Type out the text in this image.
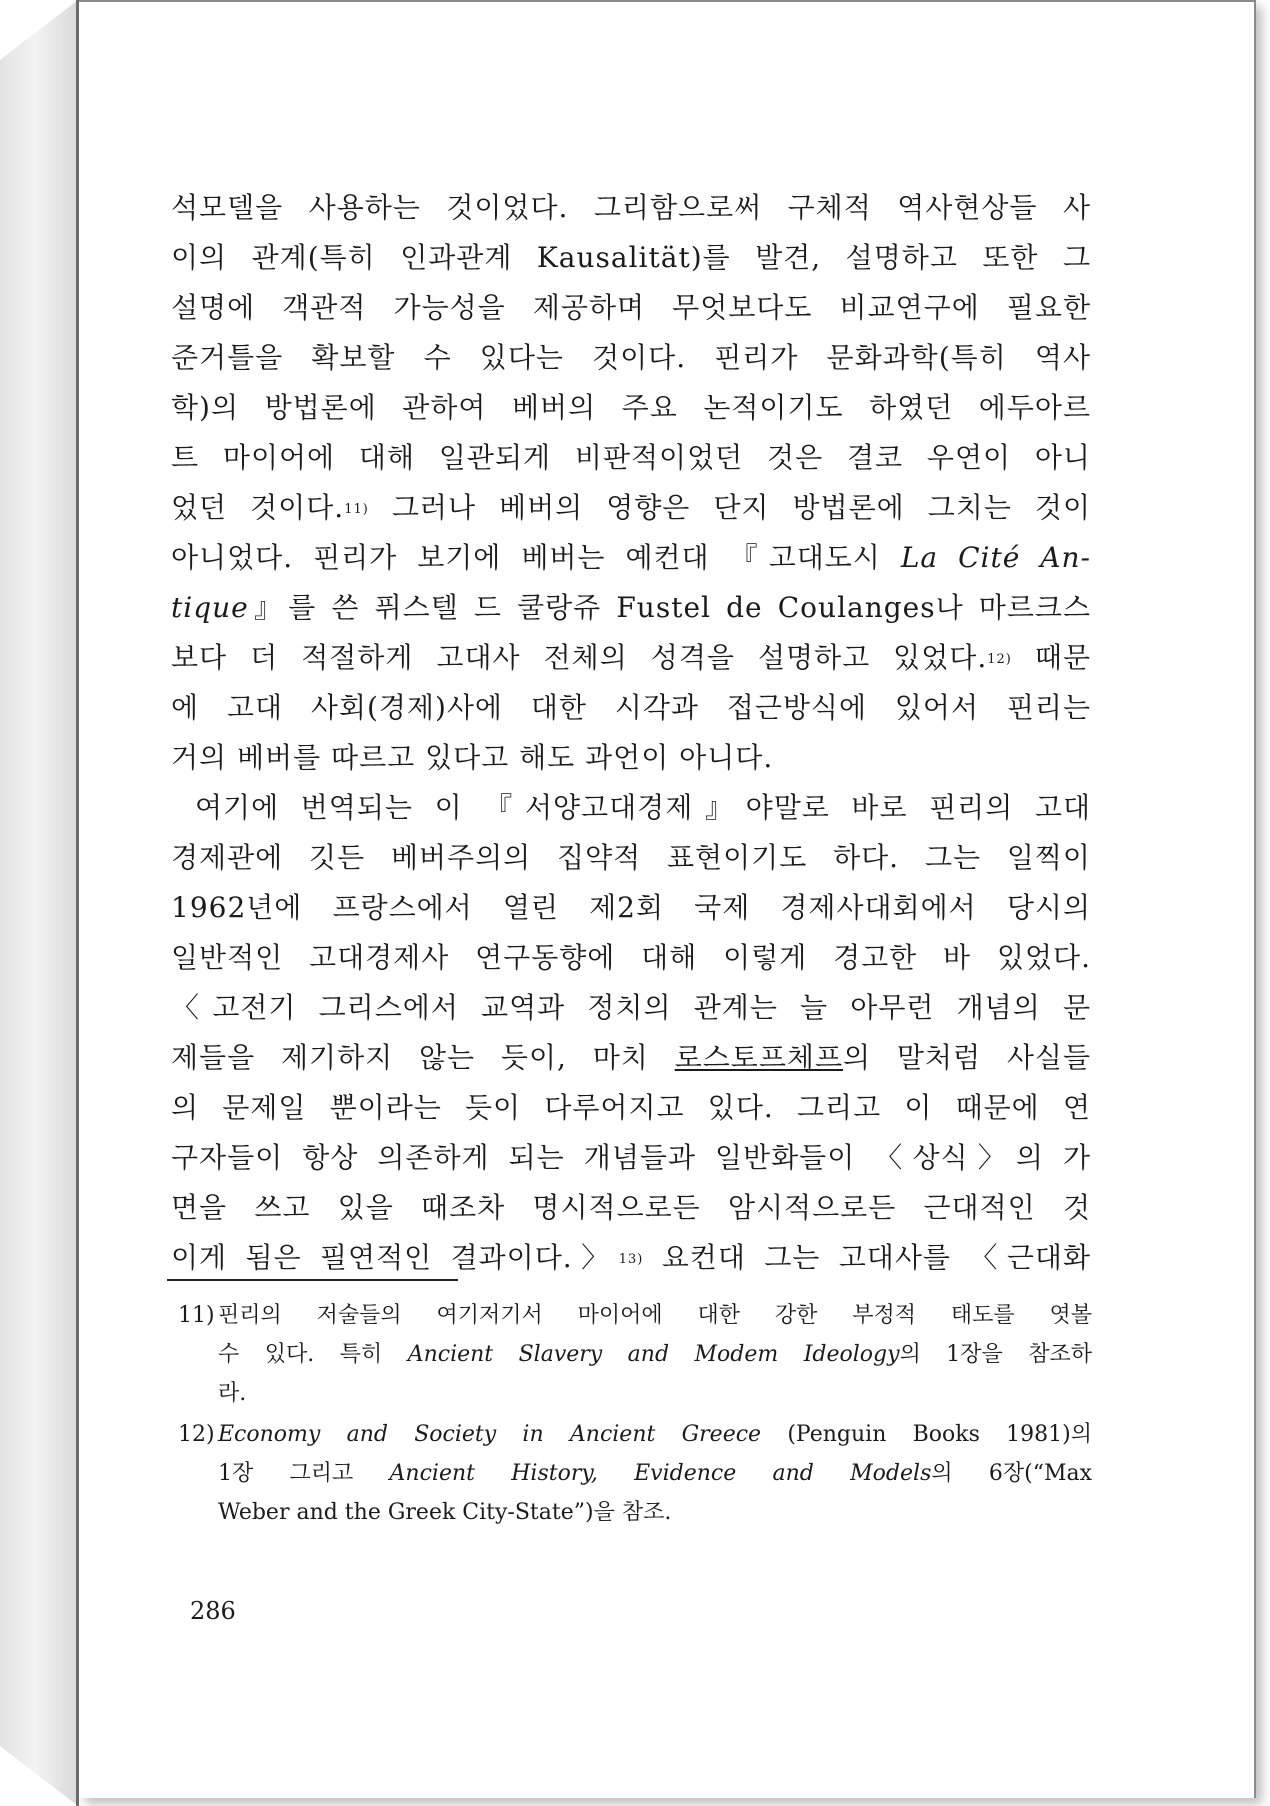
석모델을 사용하는 것이었다. 그리함으로써 구체적 역사현상들 사
이의 관계(특히 인과관계 Kausalität)를 발견, 설명하고 또한 그
설명에 객관적 가능성을 제공하며 무엇보다도 비교연구에 필요한
준거틀을 확보할 수 있다는 것이다. 핀리가 문화과학(특히 역사
학)의 방법론에 관하여 베버의 주요 논적이기도 하였던 에두아르
트 마이어에 대해 일관되게 비판적이었던 것은 결코 우연이 아니
었던 것이다.$^{11)}$ 그러나 베버의 영향은 단지 방법론에 그치는 것이
아니었다. 핀리가 보기에 베버는 예컨대 『고대도시 La Cité An-
tique』를 쓴 퓌스텔 드 쿨랑쥬 Fustel de Coulanges나 마르크스
보다 더 적절하게 고대사 전체의 성격을 설명하고 있었다.$^{12)}$ 때문
에 고대 사회(경제)사에 대한 시각과 접근방식에 있어서 핀리는
거의 베버를 따르고 있다고 해도 과언이 아니다.
여기에 번역되는 이 『서양고대경제』야말로 바로 핀리의 고대
경제관에 깃든 베버주의의 집약적 표현이기도 하다. 그는 일찍이
1962년에 프랑스에서 열린 제2회 국제 경제사대회에서 당시의
일반적인 고대경제사 연구동향에 대해 이렇게 경고한 바 있었다.
〈고전기 그리스에서 교역과 정치의 관계는 늘 아무런 개념의 문
제들을 제기하지 않는 듯이, 마치 로스토프체프의 말처럼 사실들
의 문제일 뿐이라는 듯이 다루어지고 있다. 그리고 이 때문에 연
구자들이 항상 의존하게 되는 개념들과 일반화들이 〈상식〉의 가
면을 쓰고 있을 때조차 명시적으로든 암시적으로든 근대적인 것
이게 됨은 필연적인 결과이다.〉$^{13)}$ 요컨대 그는 고대사를 〈근대화
11) 핀리의 저술들의 여기저기서 마이어에 대한 강한 부정적 태도를 엿볼
수 있다. 특히 Ancient Slavery and Modem Ideology의 1장을 참조하
라.
12) Economy and Society in Ancient Greece (Penguin Books 1981)의
1장 그리고 Ancient History, Evidence and Models의 6장(“Max
Weber and the Greek City-State”)을 참조.
286
